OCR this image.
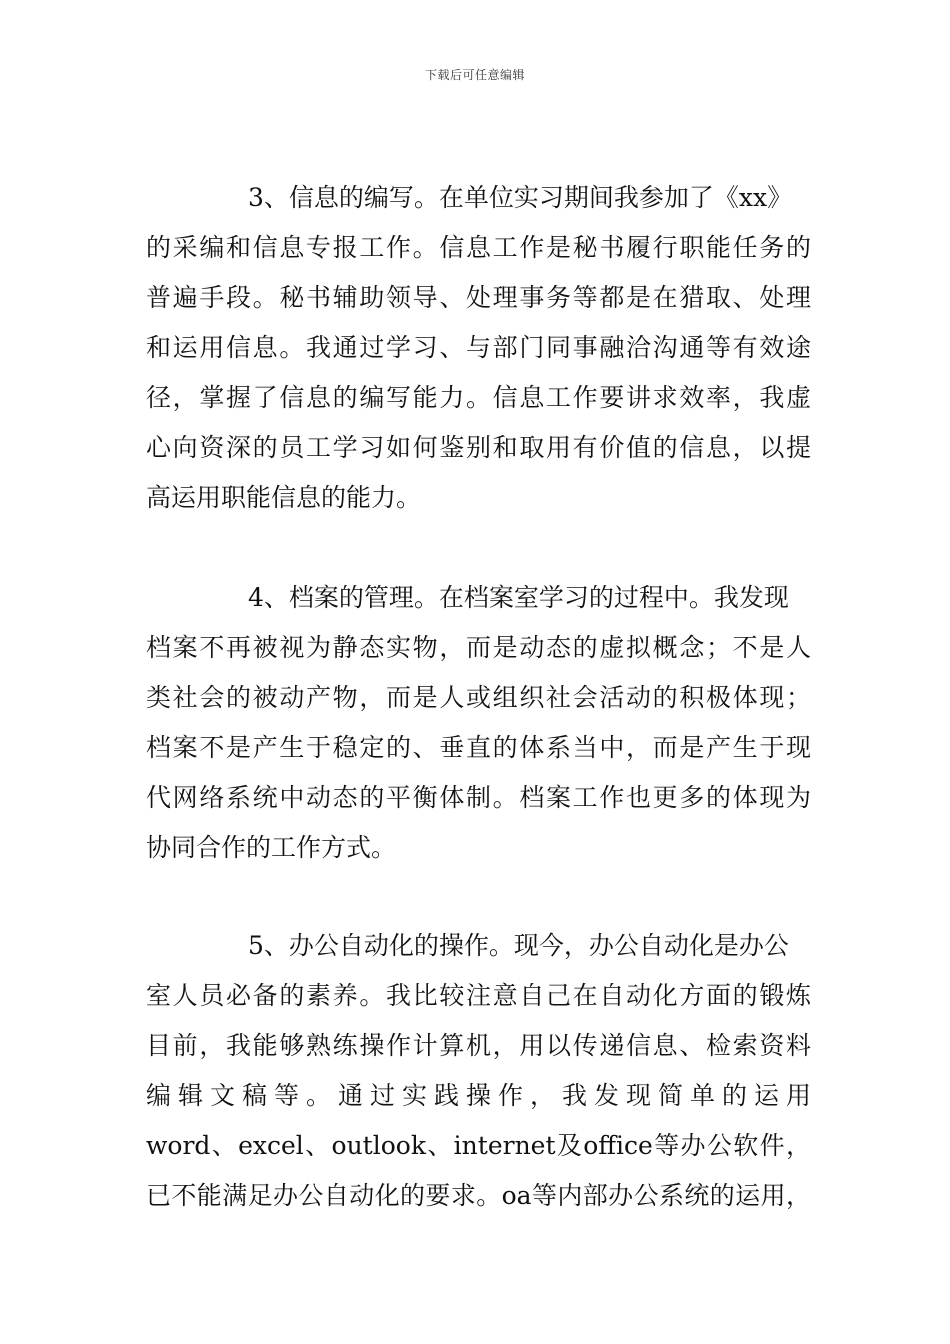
下载后可任意编辑
3、信息的编写。在单位实习期间我参加了《xx》
的采编和信息专报工作。信息工作是秘书履行职能任务的
普遍手段。秘书辅助领导、处理事务等都是在猎取、处理
和运用信息。我通过学习、与部门同事融洽沟通等有效途
径，掌握了信息的编写能力。信息工作要讲求效率，我虚
心向资深的员工学习如何鉴别和取用有价值的信息，以提
高运用职能信息的能力。
4、档案的管理。在档案室学习的过程中。我发现
档案不再被视为静态实物，而是动态的虚拟概念；不是人
类社会的被动产物，而是人或组织社会活动的积极体现；
档案不是产生于稳定的、垂直的体系当中，而是产生于现
代网络系统中动态的平衡体制。档案工作也更多的体现为
协同合作的工作方式。
5、办公自动化的操作。现今，办公自动化是办公
室人员必备的素养。我比较注意自己在自动化方面的锻炼
目前，我能够熟练操作计算机，用以传递信息、检索资料
编辑文稿等。通过实践操作，我发现简单的运用
word、excel、outlook、internet及office等办公软件，
已不能满足办公自动化的要求。oa等内部办公系统的运用，
